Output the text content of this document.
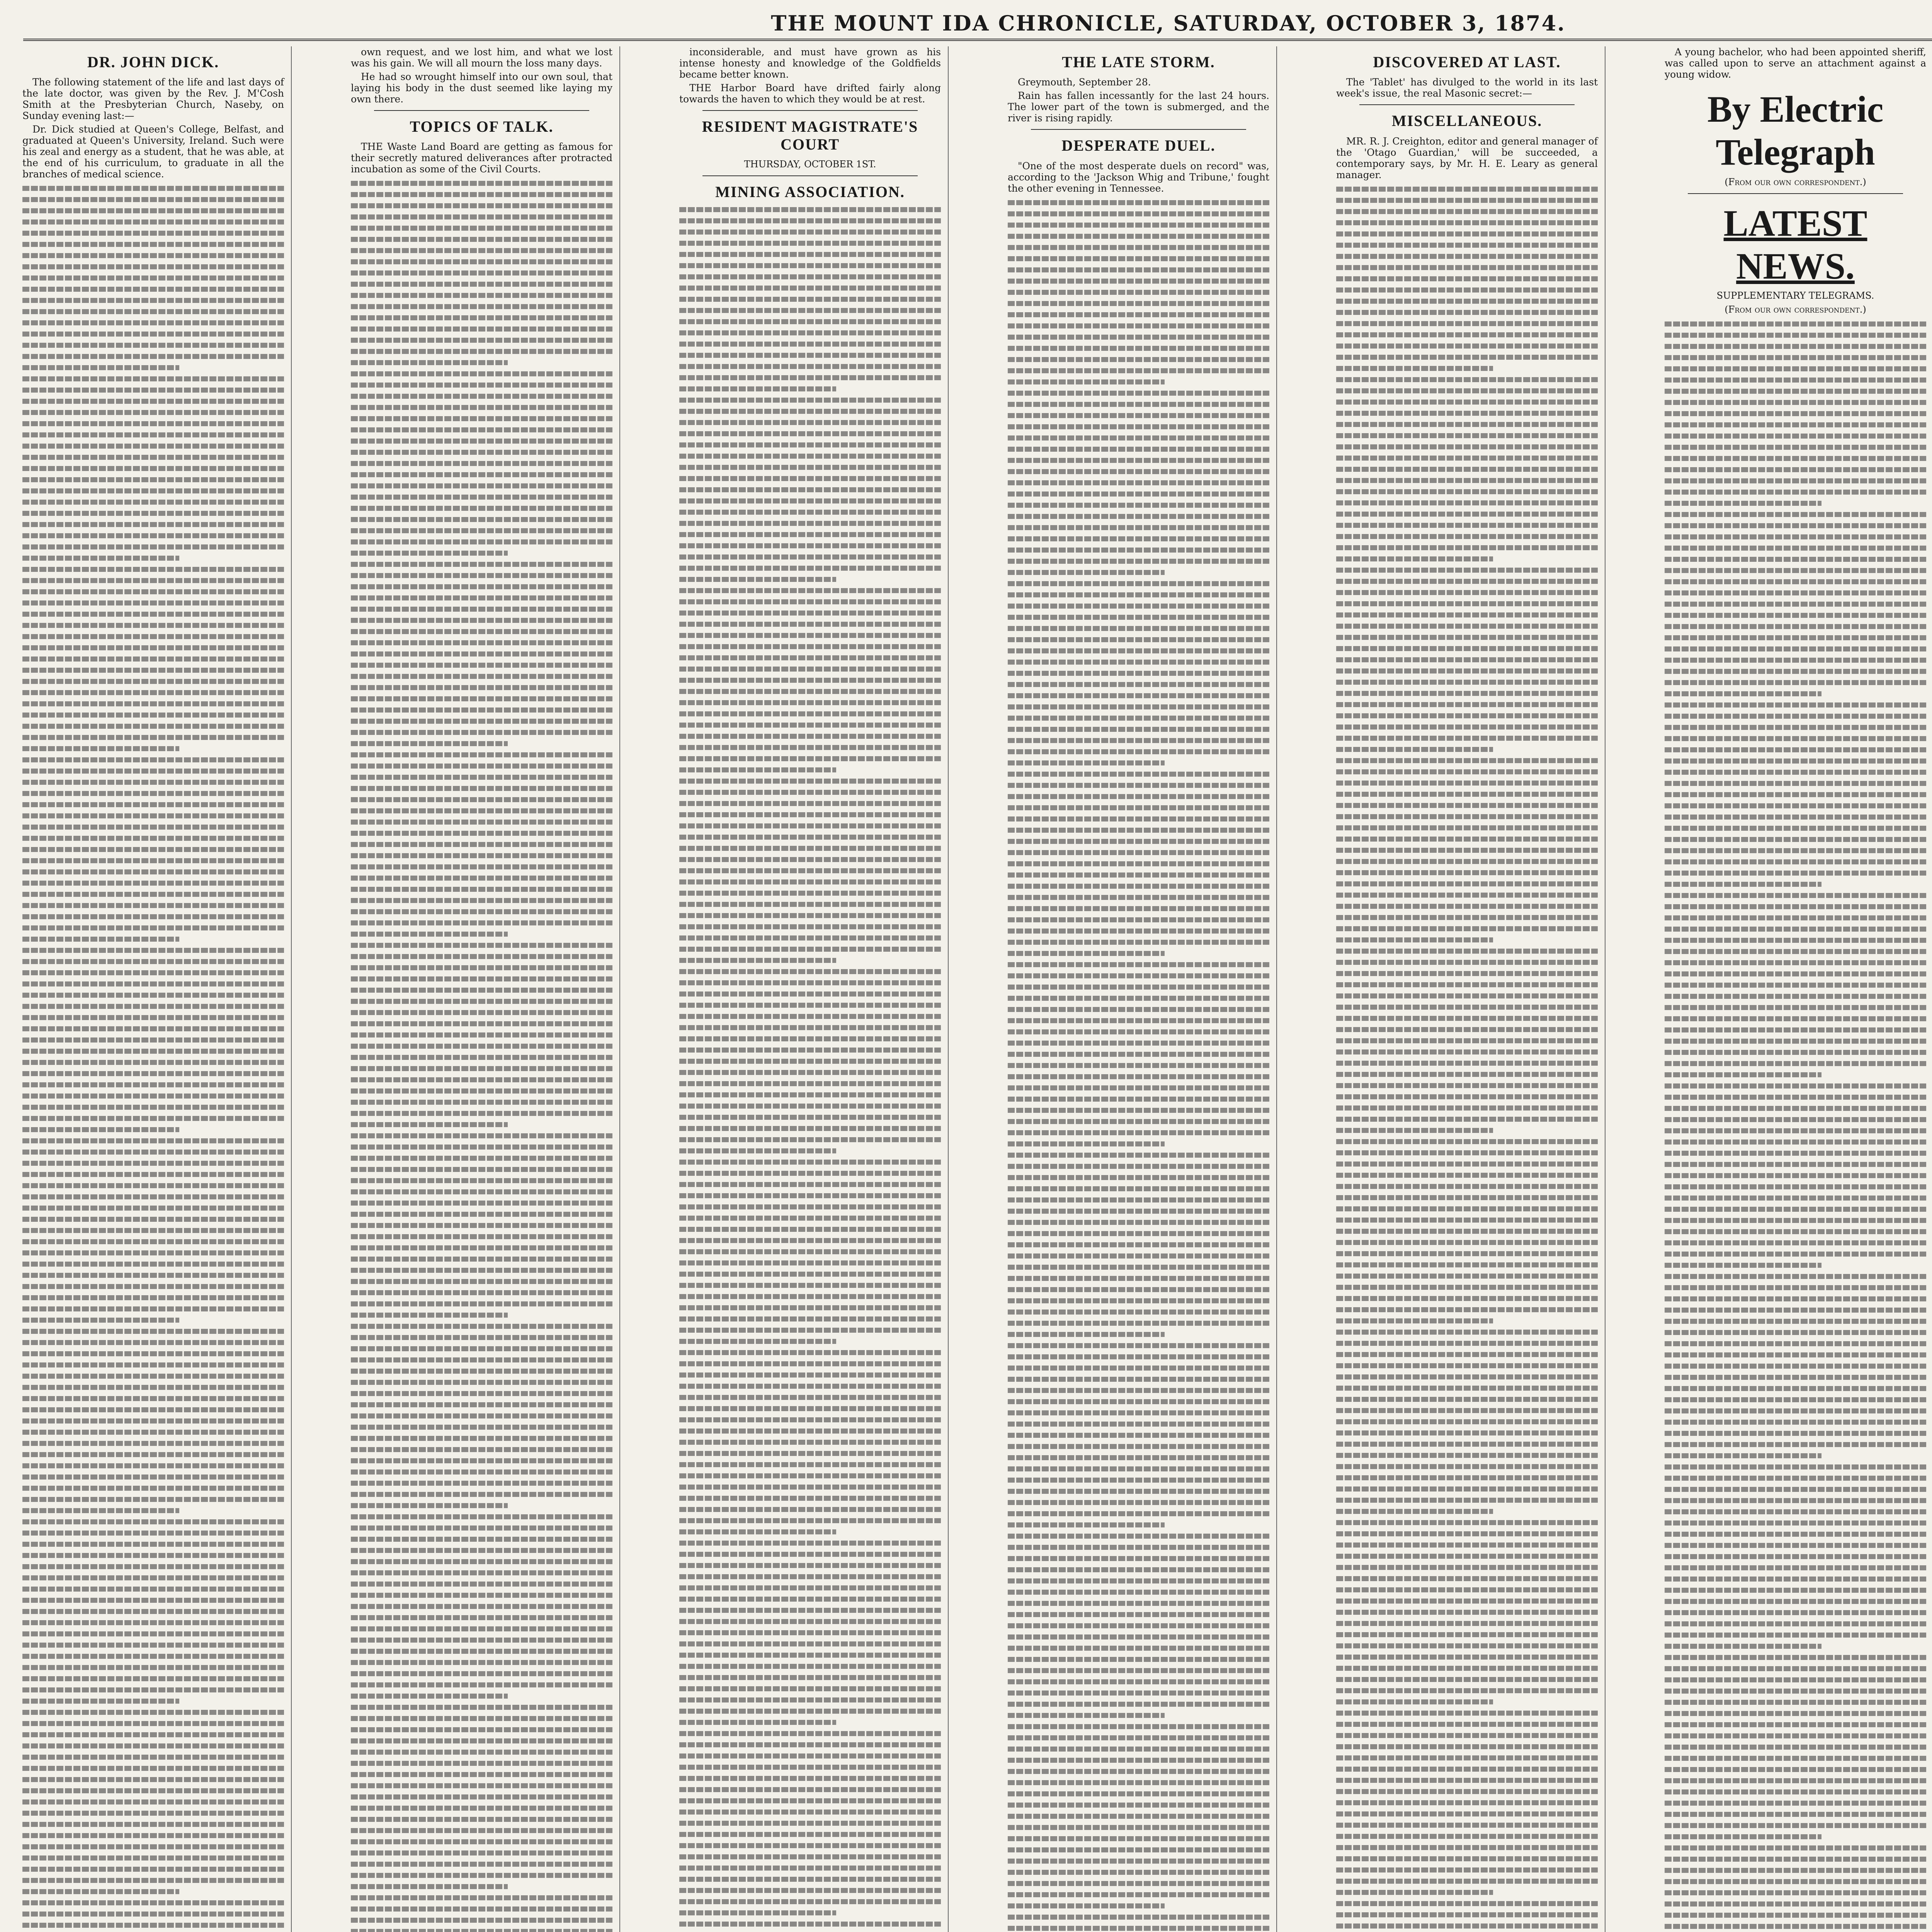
THE MOUNT IDA CHRONICLE, SATURDAY, OCTOBER 3, 1874.
DR. JOHN DICK.

The following statement of the life and last days of the late doctor, was given by the Rev. J. M'Cosh Smith at the Presbyterian Church, Naseby, on Sunday evening last:—

Dr. Dick studied at Queen's College, Belfast, and graduated at Queen's University, Ireland. Such were his zeal and energy as a student, that he was able, at the end of his curriculum, to graduate in all the branches of medical science.

own request, and we lost him, and what we lost was his gain. We will all mourn the loss many days.

He had so wrought himself into our own soul, that laying his body in the dust seemed like laying my own there.

TOPICS OF TALK.

THE Waste Land Board are getting as famous for their secretly matured deliverances after protracted incubation as some of the Civil Courts.

inconsiderable, and must have grown as his intense honesty and knowledge of the Goldfields became better known.

THE Harbor Board have drifted fairly along towards the haven to which they would be at rest.

RESIDENT MAGISTRATE'S COURT
THURSDAY, OCTOBER 1ST.
MINING ASSOCIATION.
THE LATE STORM.

Greymouth, September 28.

Rain has fallen incessantly for the last 24 hours. The lower part of the town is submerged, and the river is rising rapidly.

DESPERATE DUEL.

"One of the most desperate duels on record" was, according to the 'Jackson Whig and Tribune,' fought the other evening in Tennessee.

DISCOVERED AT LAST.

The 'Tablet' has divulged to the world in its last week's issue, the real Masonic secret:—

MISCELLANEOUS.

MR. R. J. Creighton, editor and general manager of the 'Otago Guardian,' will be succeeded, a contemporary says, by Mr. H. E. Leary as general manager.

A young bachelor, who had been appointed sheriff, was called upon to serve an attachment against a young widow.

By Electric Telegraph
(From our own correspondent.)
LATEST NEWS.
SUPPLEMENTARY TELEGRAMS.
(From our own correspondent.)
